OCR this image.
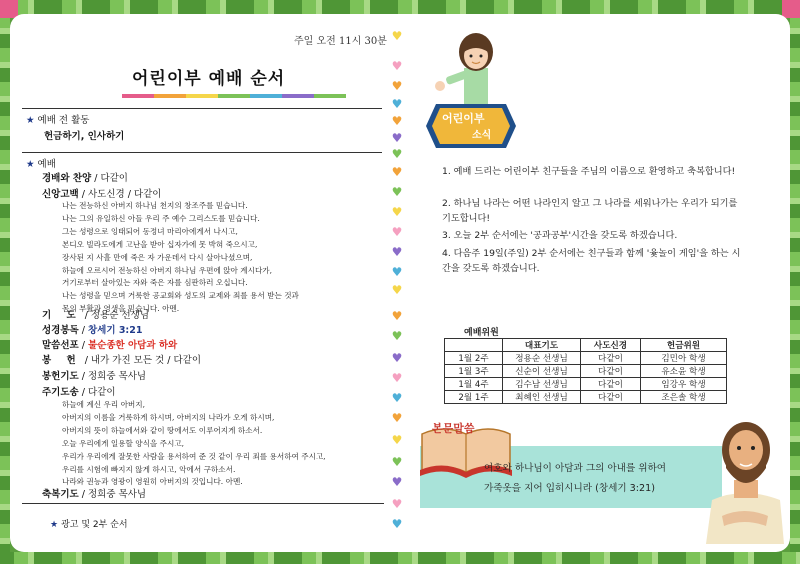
주일 오전 11시 30분
어린이부 예배 순서
★ 예배 전 활동
헌금하기, 인사하기
★ 예배
경배와 찬양 / 다같이
신앙고백 / 사도신경 / 다같이
나는 전능하신 아버지 하나님 천지의 창조주를 믿습니다.
나는 그의 유일하신 아들 우리 주 예수 그리스도를 믿습니다.
그는 성령으로 잉태되어 동정녀 마리아에게서 나시고,
본디오 빌라도에게 고난을 받아 십자가에 못 박혀 죽으시고,
장사된 지 사흘 만에 죽은 자 가운데서 다시 살아나셨으며,
하늘에 오르시어 전능하신 아버지 하나님 우편에 앉아 계시다가,
거기로부터 살아있는 자와 죽은 자를 심판하러 오십니다.
나는 성령을 믿으며 거룩한 공교회와 성도의 교제와 죄를 용서 받는 것과
몸의 부활과 영생을 믿습니다. 아멘.
기 도 / 정용순 선생님
성경봉독 / 창세기 3:21
말씀선포 / 불순종한 아담과 하와
봉 헌 / 내가 가진 모든 것 / 다같이
봉헌기도 / 정희중 목사님
주기도송 / 다같이
하늘에 계신 우리 아버지,
아버지의 이름을 거룩하게 하시며, 아버지의 나라가 오게 하시며,
아버지의 뜻이 하늘에서와 같이 땅에서도 이루어지게 하소서.
오늘 우리에게 일용할 양식을 주시고,
우리가 우리에게 잘못한 사람을 용서하여 준 것 같이 우리 죄를 용서하여 주시고,
우리를 시험에 빠지지 않게 하시고, 악에서 구하소서.
나라와 권능과 영광이 영원히 아버지의 것입니다. 아멘.
축복기도 / 정희중 목사님
★ 광고 및 2부 순서
♥
♥
♥
♥
♥
♥
♥
♥
♥
♥
♥
♥
♥
♥
♥
♥
♥
♥
♥
♥
♥
♥
♥
♥
♥
어린이부
소식
1. 예배 드리는 어린이부 친구들을 주님의 이름으로 환영하고 축복합니다!
2. 하나님 나라는 어떤 나라인지 알고 그 나라를 세워나가는 우리가 되기를 기도합니다!
3. 오늘 2부 순서에는 '공과공부'시간을 갖도록 하겠습니다.
4. 다음주 19일(주일) 2부 순서에는 친구들과 함께 '윷놀이 게임'을 하는 시간을 갖도록 하겠습니다.
예배위원
	대표기도	사도신경	헌금위원
1월 2주	정용순 선생님	다같이	김민아 학생
1월 3주	신순이 선생님	다같이	유소윤 학생
1월 4주	김수남 선생님	다같이	임강우 학생
2월 1주	최혜인 선생님	다같이	조은솔 학생
본문말씀
여호와 하나님이 아담과 그의 아내를 위하여
가죽옷을 지어 입히시니라 (창세기 3:21)
